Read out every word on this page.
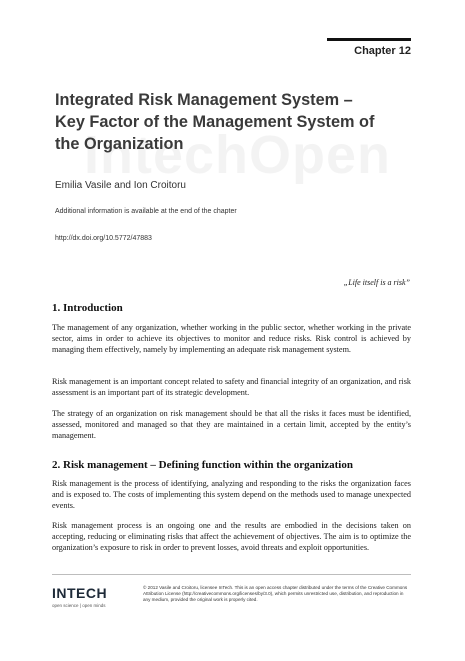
Chapter 12
Integrated Risk Management System –
Key Factor of the Management System of
the Organization
Emilia Vasile and Ion Croitoru
Additional information is available at the end of the chapter
http://dx.doi.org/10.5772/47883
„Life itself is a risk”
1. Introduction

The management of any organization, whether working in the public sector, whether working in the private sector, aims in order to achieve its objectives to monitor and reduce risks. Risk control is achieved by managing them effectively, namely by implementing an adequate risk management system.

Risk management is an important concept related to safety and financial integrity of an organization, and risk assessment is an important part of its strategic development.

The strategy of an organization on risk management should be that all the risks it faces must be identified, assessed, monitored and managed so that they are maintained in a certain limit, accepted by the entity’s management.

2. Risk management – Defining function within the organization

Risk management is the process of identifying, analyzing and responding to the risks the organization faces and is exposed to. The costs of implementing this system depend on the methods used to manage unexpected events.

Risk management process is an ongoing one and the results are embodied in the decisions taken on accepting, reducing or eliminating risks that affect the achievement of objectives. The aim is to optimize the organization’s exposure to risk in order to prevent losses, avoid threats and exploit opportunities.

INTECH
open science | open minds
© 2012 Vasile and Croitoru, licensee InTech. This is an open access chapter distributed under the terms of the Creative Commons Attribution License (http://creativecommons.org/licenses/by/3.0), which permits unrestricted use, distribution, and reproduction in any medium, provided the original work is properly cited.
